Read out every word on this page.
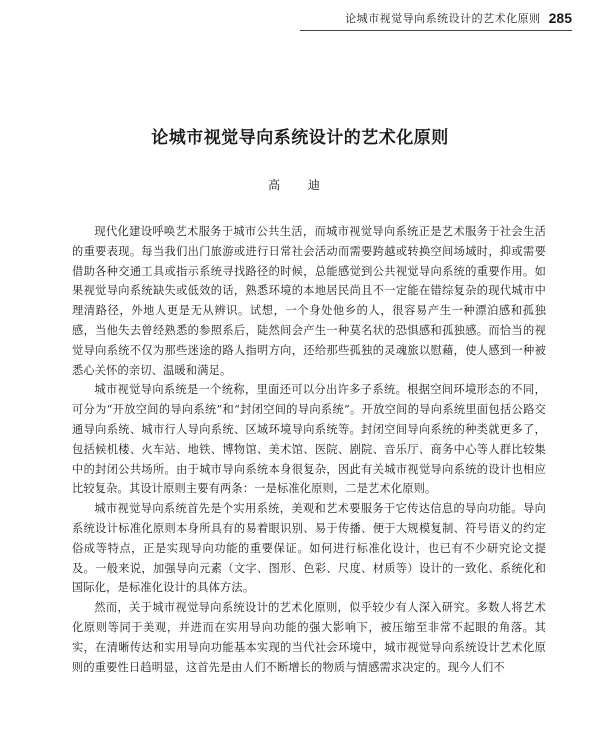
论城市视觉导向系统设计的艺术化原则 285
论城市视觉导向系统设计的艺术化原则
高 迪

现代化建设呼唤艺术服务于城市公共生活，而城市视觉导向系统正是艺术服务于社会生活的重要表现。每当我们出门旅游或进行日常社会活动而需要跨越或转换空间场域时，抑或需要借助各种交通工具或指示系统寻找路径的时候，总能感觉到公共视觉导向系统的重要作用。如果视觉导向系统缺失或低效的话，熟悉环境的本地居民尚且不一定能在错综复杂的现代城市中理清路径，外地人更是无从辨识。试想，一个身处他乡的人，很容易产生一种漂泊感和孤独感，当他失去曾经熟悉的参照系后，陡然间会产生一种莫名状的恐惧感和孤独感。而恰当的视觉导向系统不仅为那些迷途的路人指明方向，还给那些孤独的灵魂旅以慰藉，使人感到一种被悉心关怀的亲切、温暖和满足。

城市视觉导向系统是一个统称，里面还可以分出许多子系统。根据空间环境形态的不同，可分为“开放空间的导向系统”和“封闭空间的导向系统”。开放空间的导向系统里面包括公路交通导向系统、城市行人导向系统、区域环境导向系统等。封闭空间导向系统的种类就更多了，包括候机楼、火车站、地铁、博物馆、美术馆、医院、剧院、音乐厅、商务中心等人群比较集中的封闭公共场所。由于城市导向系统本身很复杂，因此有关城市视觉导向系统的设计也相应比较复杂。其设计原则主要有两条：一是标准化原则，二是艺术化原则。

城市视觉导向系统首先是个实用系统，美观和艺术要服务于它传达信息的导向功能。导向系统设计标准化原则本身所具有的易着眼识别、易于传播、便于大规模复制、符号语义的约定俗成等特点，正是实现导向功能的重要保证。如何进行标准化设计，也已有不少研究论文提及。一般来说，加强导向元素（文字、图形、色彩、尺度、材质等）设计的一致化、系统化和国际化，是标准化设计的具体方法。

然而，关于城市视觉导向系统设计的艺术化原则，似乎较少有人深入研究。多数人将艺术化原则等同于美观，并进而在实用导向功能的强大影响下，被压缩至非常不起眼的角落。其实，在清晰传达和实用导向功能基本实现的当代社会环境中，城市视觉导向系统设计艺术化原则的重要性日趋明显，这首先是由人们不断增长的物质与情感需求决定的。现今人们不
